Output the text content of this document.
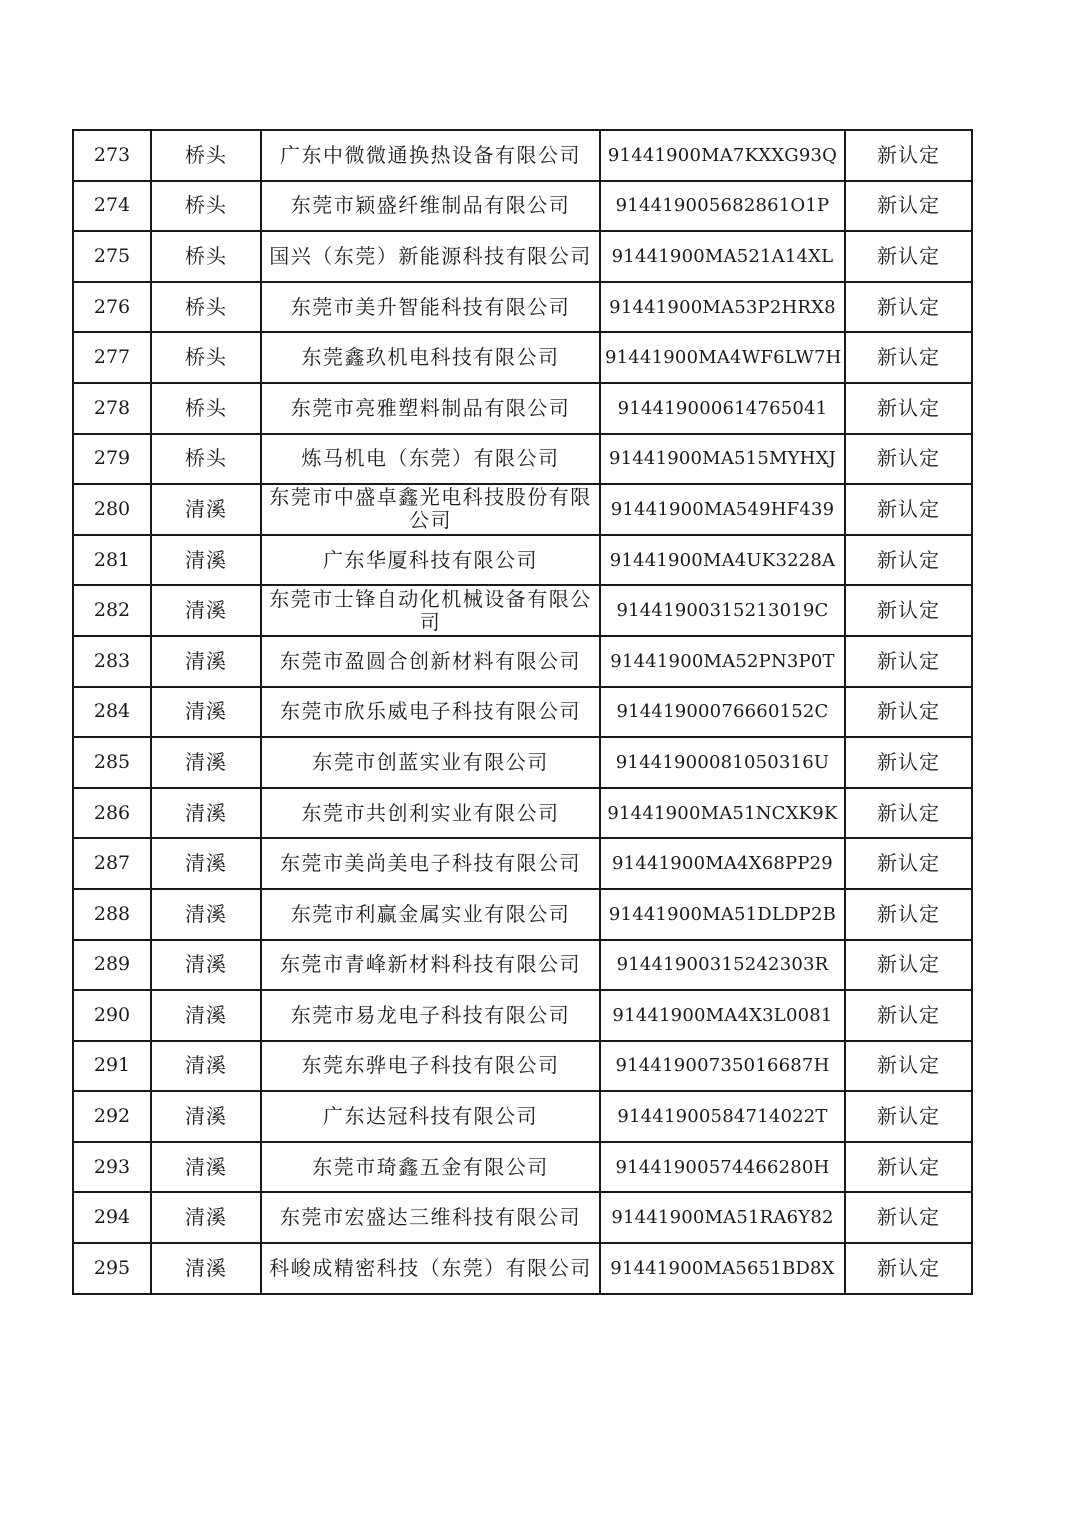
273	桥头	广东中微微通换热设备有限公司	91441900MA7KXXG93Q	新认定
274	桥头	东莞市颖盛纤维制品有限公司	914419005682861O1P	新认定
275	桥头	国兴（东莞）新能源科技有限公司	91441900MA521A14XL	新认定
276	桥头	东莞市美升智能科技有限公司	91441900MA53P2HRX8	新认定
277	桥头	东莞鑫玖机电科技有限公司	91441900MA4WF6LW7H	新认定
278	桥头	东莞市亮雅塑料制品有限公司	914419000614765041	新认定
279	桥头	炼马机电（东莞）有限公司	91441900MA515MYHXJ	新认定
280	清溪	东莞市中盛卓鑫光电科技股份有限公司	91441900MA549HF439	新认定
281	清溪	广东华厦科技有限公司	91441900MA4UK3228A	新认定
282	清溪	东莞市士锋自动化机械设备有限公司	91441900315213019C	新认定
283	清溪	东莞市盈圆合创新材料有限公司	91441900MA52PN3P0T	新认定
284	清溪	东莞市欣乐威电子科技有限公司	91441900076660152C	新认定
285	清溪	东莞市创蓝实业有限公司	91441900081050316U	新认定
286	清溪	东莞市共创利实业有限公司	91441900MA51NCXK9K	新认定
287	清溪	东莞市美尚美电子科技有限公司	91441900MA4X68PP29	新认定
288	清溪	东莞市利赢金属实业有限公司	91441900MA51DLDP2B	新认定
289	清溪	东莞市青峰新材料科技有限公司	91441900315242303R	新认定
290	清溪	东莞市易龙电子科技有限公司	91441900MA4X3L0081	新认定
291	清溪	东莞东骅电子科技有限公司	91441900735016687H	新认定
292	清溪	广东达冠科技有限公司	91441900584714022T	新认定
293	清溪	东莞市琦鑫五金有限公司	91441900574466280H	新认定
294	清溪	东莞市宏盛达三维科技有限公司	91441900MA51RA6Y82	新认定
295	清溪	科峻成精密科技（东莞）有限公司	91441900MA5651BD8X	新认定
